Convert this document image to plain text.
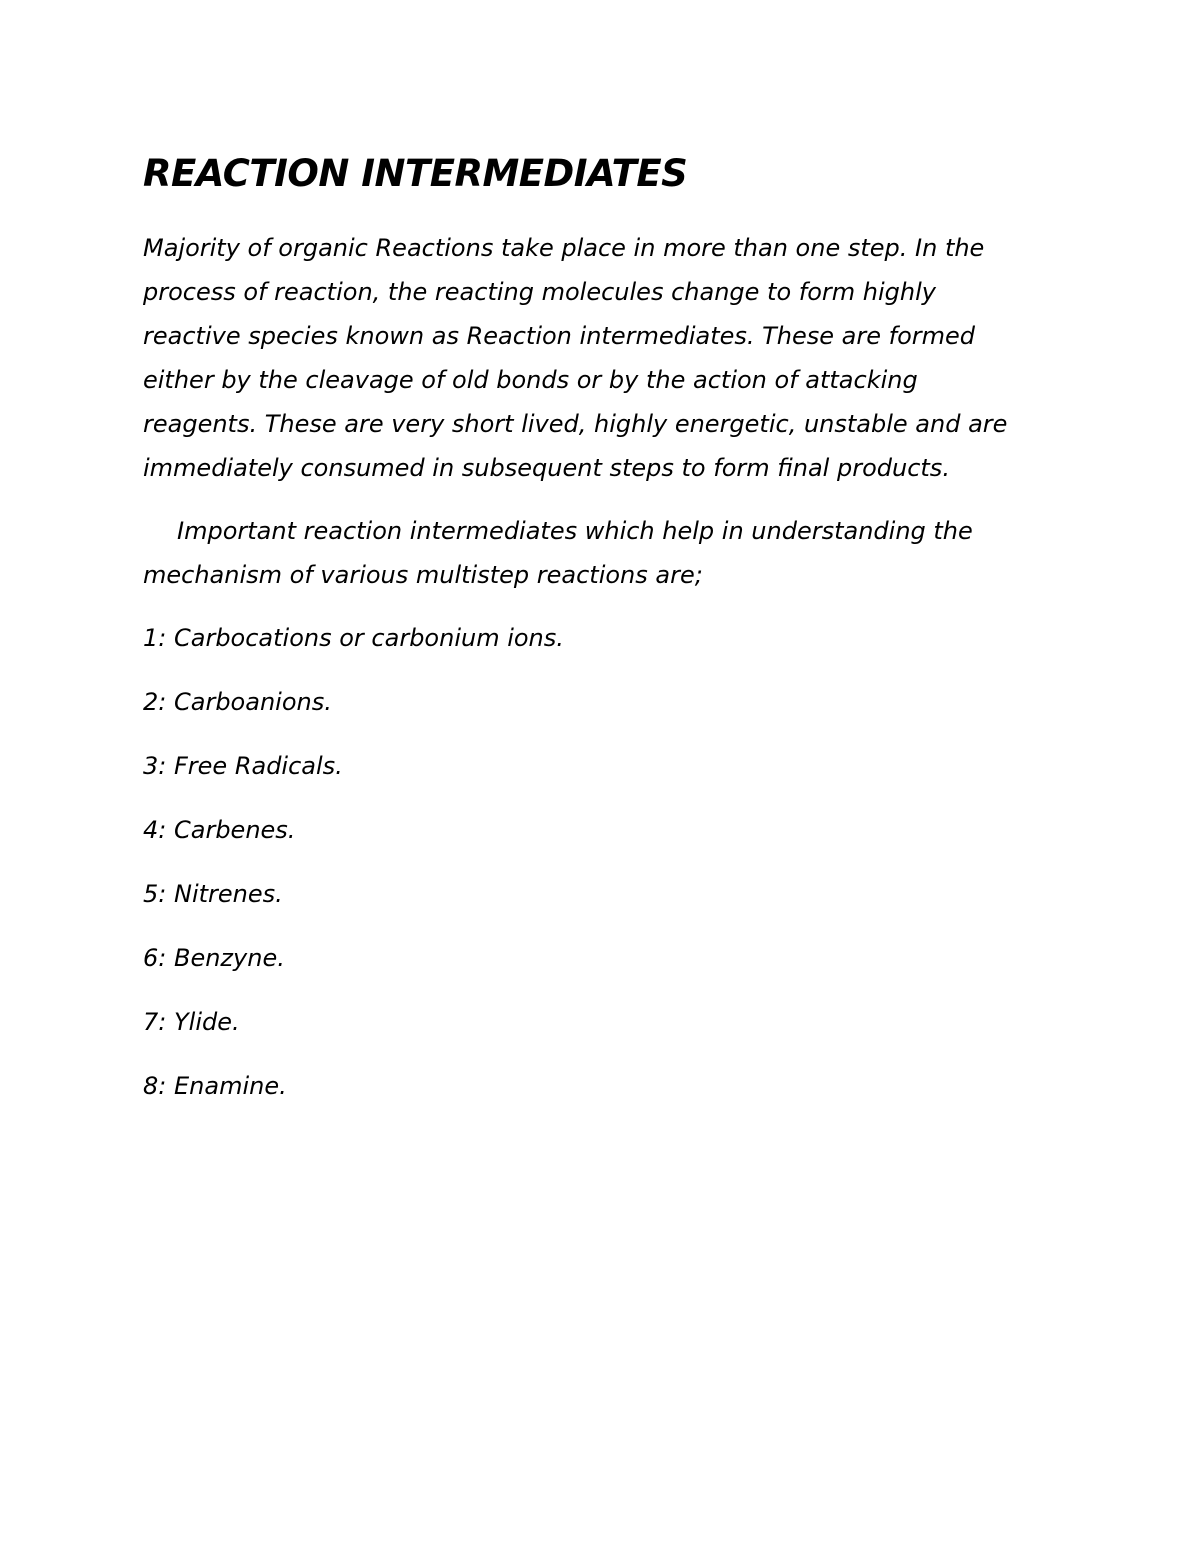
REACTION INTERMEDIATES

Majority of organic Reactions take place in more than one step. In the
process of reaction, the reacting molecules change to form highly
reactive species known as Reaction intermediates. These are formed
either by the cleavage of old bonds or by the action of attacking
reagents. These are very short lived, highly energetic, unstable and are
immediately consumed in subsequent steps to form final products.

Important reaction intermediates which help in understanding the
mechanism of various multistep reactions are;

1: Carbocations or carbonium ions.
2: Carboanions.
3: Free Radicals.
4: Carbenes.
5: Nitrenes.
6: Benzyne.
7: Ylide.
8: Enamine.
